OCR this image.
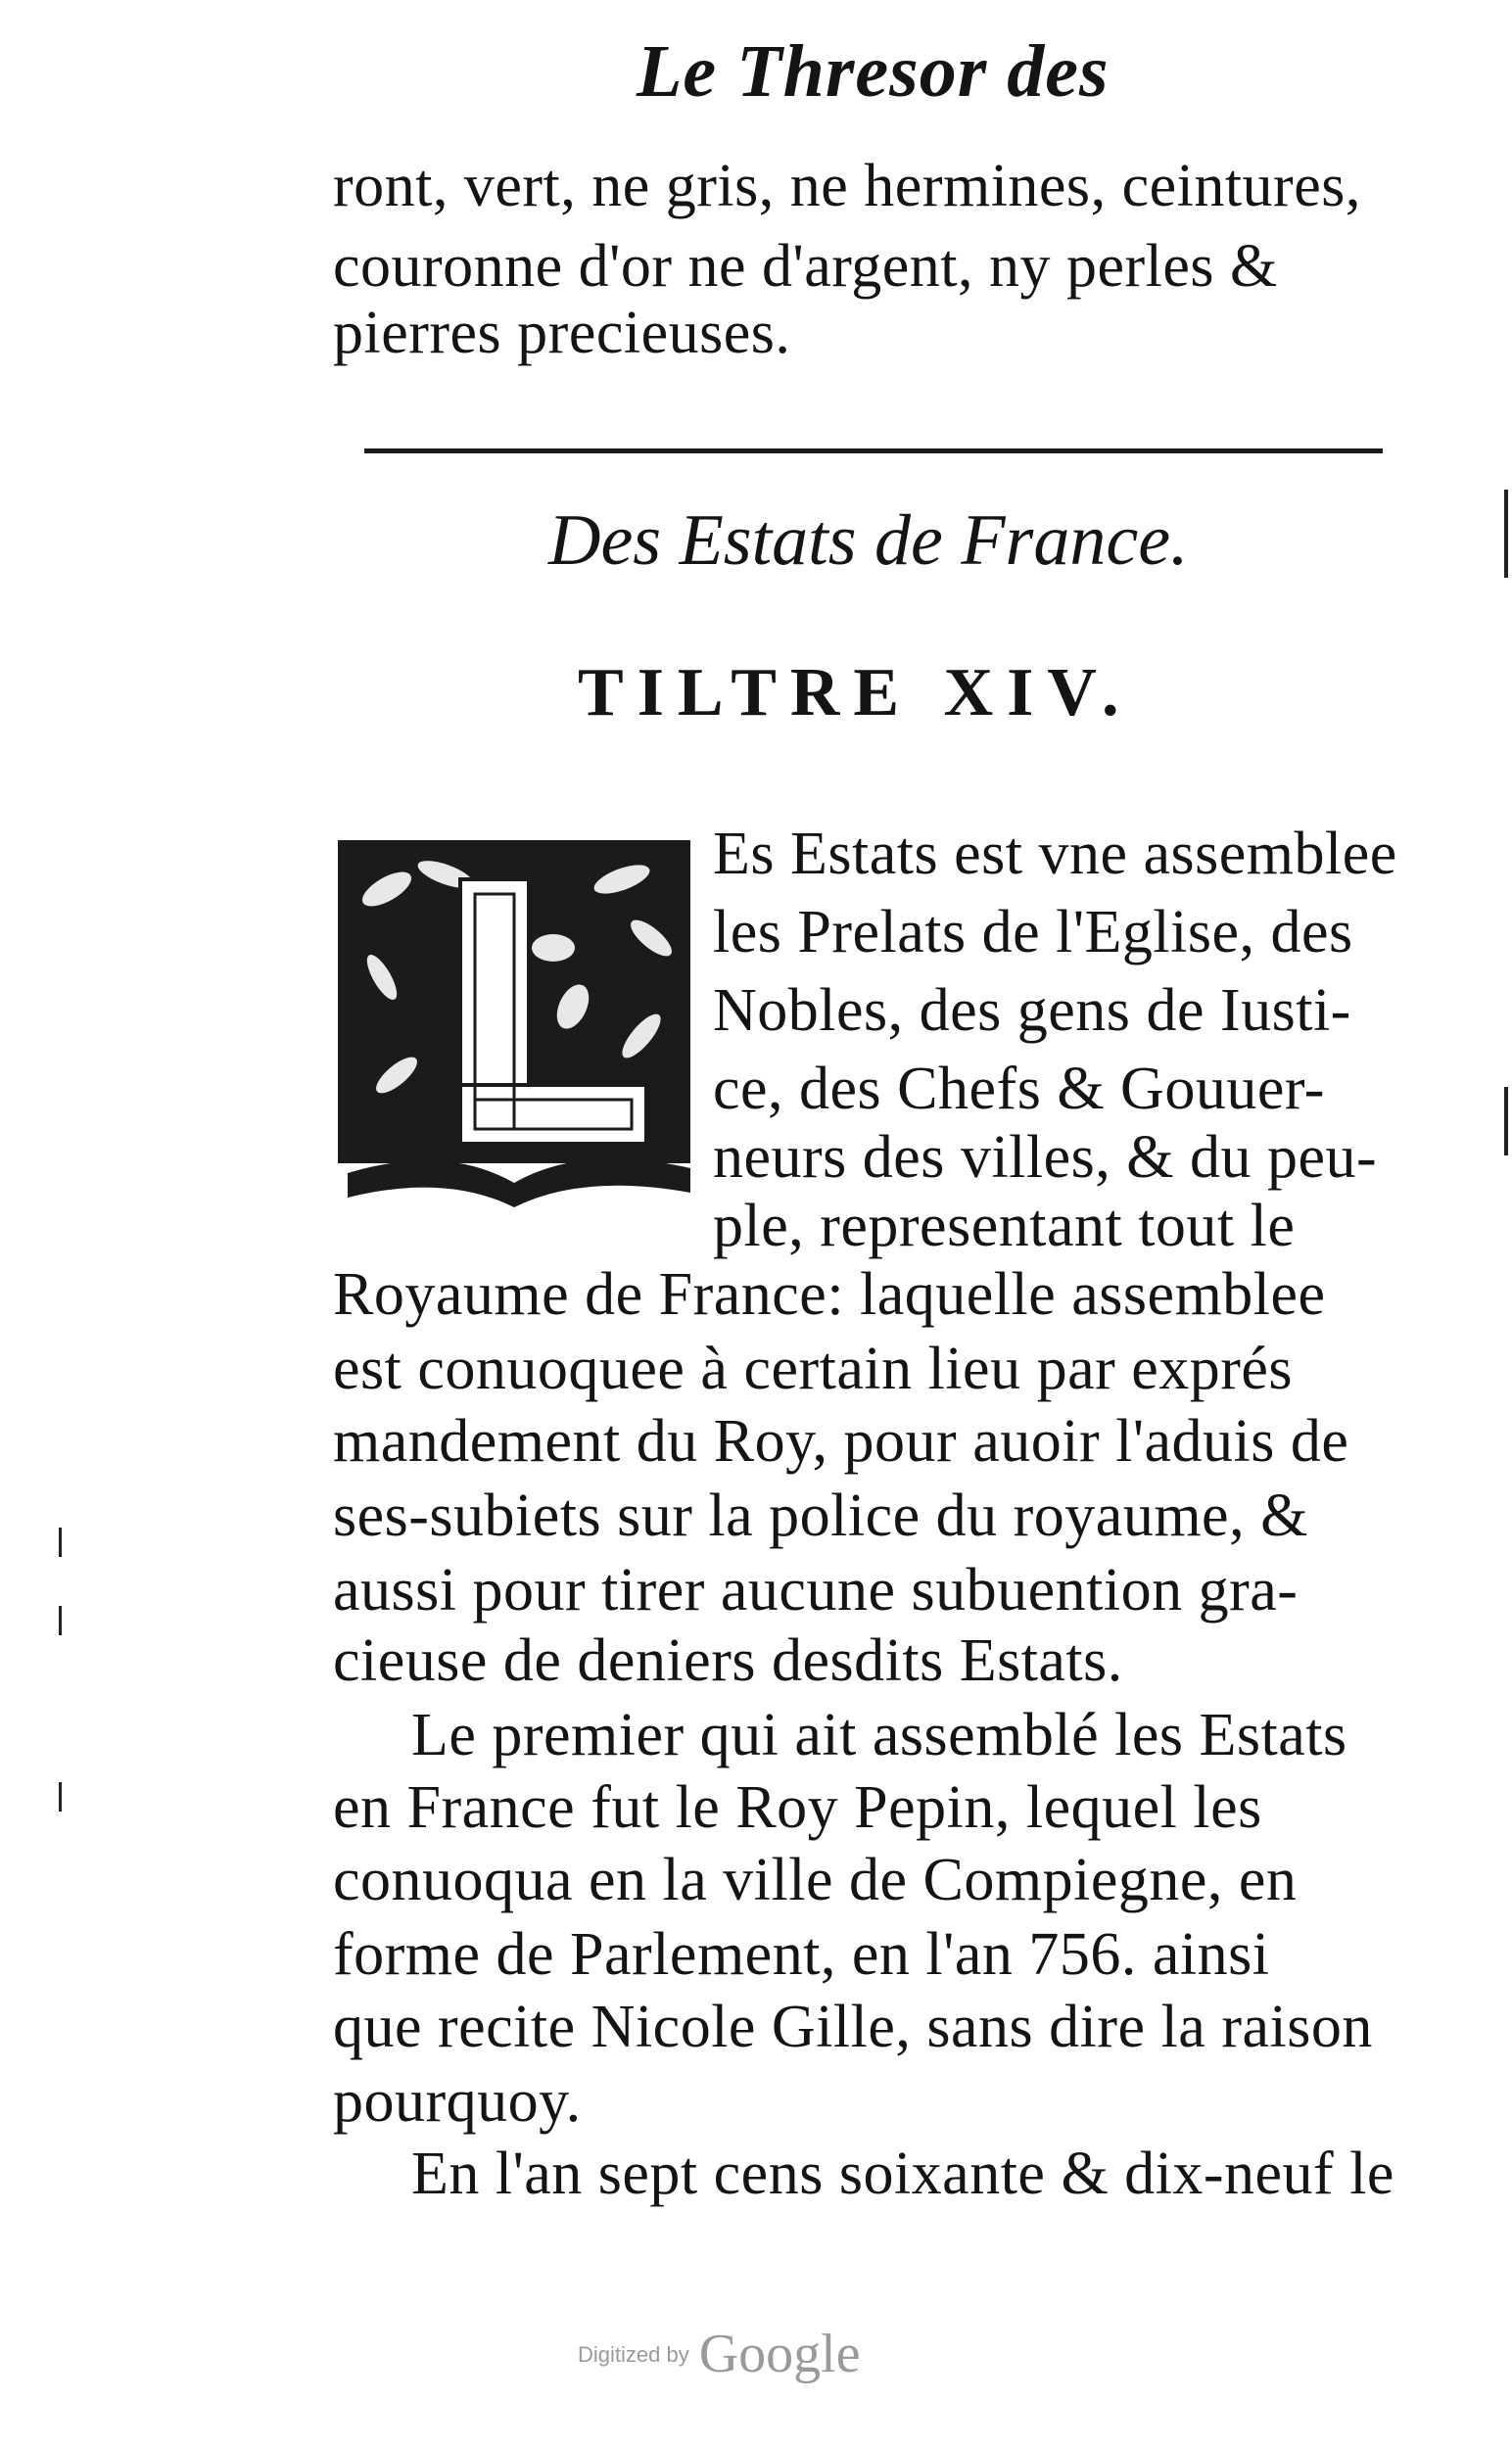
Le Thresor des
ront, vert, ne gris, ne hermines, ceintures,
couronne d'or ne d'argent, ny perles &
pierres precieuses.
Des Estats de France.
TILTRE XIV.
Es Estats est vne assemblee
les Prelats de l'Eglise, des
Nobles, des gens de Iusti-
ce, des Chefs & Gouuer-
neurs des villes, & du peu-
ple, representant tout le
Royaume de France: laquelle assemblee
est conuoquee à certain lieu par exprés
mandement du Roy, pour auoir l'aduis de
ses-subiets sur la police du royaume, &
aussi pour tirer aucune subuention gra-
cieuse de deniers desdits Estats.
Le premier qui ait assemblé les Estats
en France fut le Roy Pepin, lequel les
conuoqua en la ville de Compiegne, en
forme de Parlement, en l'an 756. ainsi
que recite Nicole Gille, sans dire la raison
pourquoy.
En l'an sept cens soixante & dix-neuf le
Digitized by Google
